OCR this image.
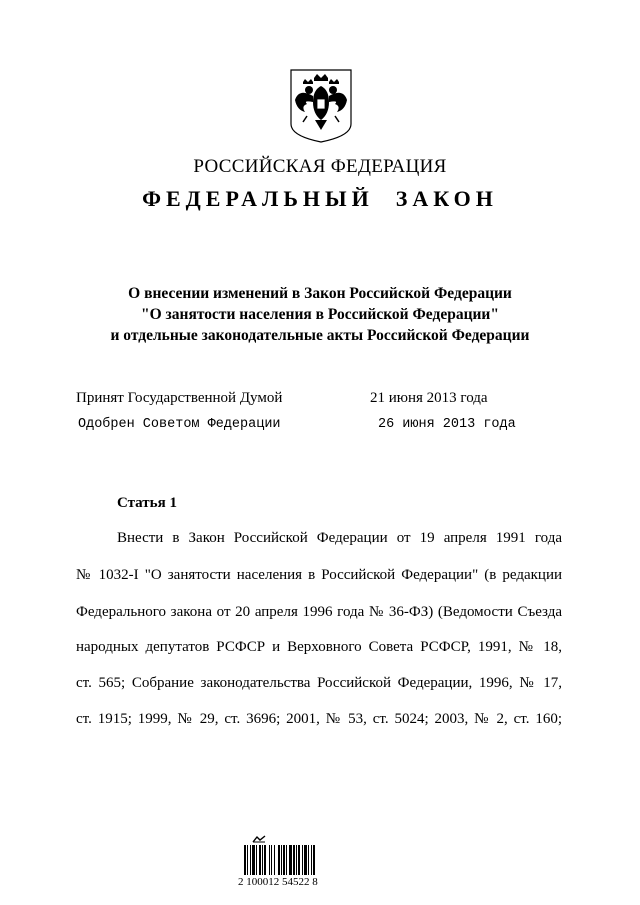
РОССИЙСКАЯ ФЕДЕРАЦИЯ
ФЕДЕРАЛЬНЫЙ ЗАКОН
О внесении изменений в Закон Российской Федерации
"О занятости населения в Российской Федерации"
и отдельные законодательные акты Российской Федерации
Принят Государственной Думой	21 июня 2013 года
Одобрен Советом Федерации	26 июня 2013 года
Статья 1
Внести в Закон Российской Федерации от 19 апреля 1991 года
№ 1032-I "О занятости населения в Российской Федерации" (в редакции
Федерального закона от 20 апреля 1996 года № 36-ФЗ) (Ведомости Съезда
народных депутатов РСФСР и Верховного Совета РСФСР, 1991, № 18,
ст. 565; Собрание законодательства Российской Федерации, 1996, № 17,
ст. 1915; 1999, № 29, ст. 3696; 2001, № 53, ст. 5024; 2003, № 2, ст. 160;
2 100012 54522 8
